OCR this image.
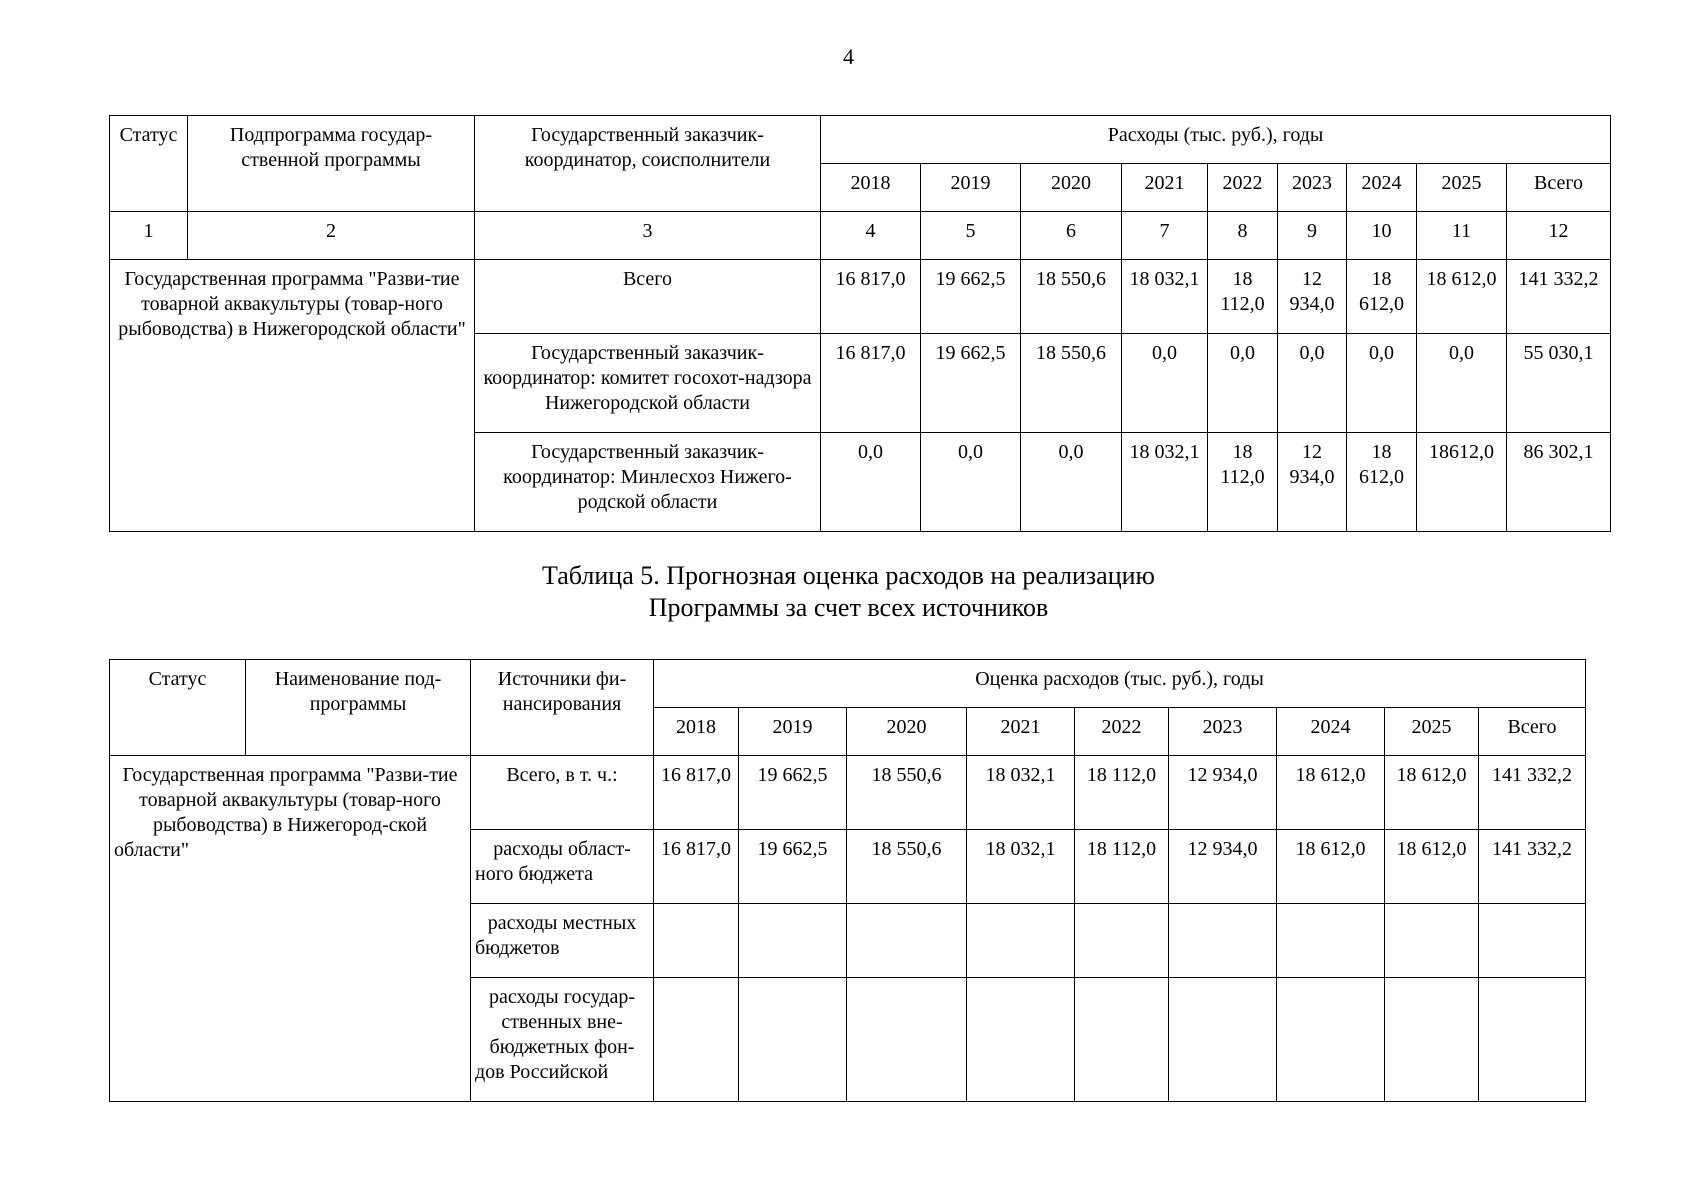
4
Статус	Подпрограмма государ-ственной программы	Государственный заказчик-координатор, соисполнители	Расходы (тыс. руб.), годы								
			2018	2019	2020	2021	2022	2023	2024	2025	Всего
1	2	3	4	5	6	7	8	9	10	11	12
Государственная программа "Разви-тие товарной аквакультуры (товар-ного рыбоводства) в Нижегородской области"		Всего	16 817,0	19 662,5	18 550,6	18 032,1	18 112,0	12 934,0	18 612,0	18 612,0	141 332,2
		Государственный заказчик-координатор: комитет госохот-надзора Нижегородской области	16 817,0	19 662,5	18 550,6	0,0	0,0	0,0	0,0	0,0	55 030,1
		Государственный заказчик-координатор: Минлесхоз Нижего-родской области	0,0	0,0	0,0	18 032,1	18 112,0	12 934,0	18 612,0	18612,0	86 302,1
Таблица 5. Прогнозная оценка расходов на реализацию
Программы за счет всех источников
Статус	Наименование под-программы	Источники фи-нансирования	Оценка расходов (тыс. руб.), годы								
			2018	2019	2020	2021	2022	2023	2024	2025	Всего
Государственная программа "Разви-тие товарной аквакультуры (товар-ного рыбоводства) в Нижегород-ской области"		Всего, в т. ч.:	16 817,0	19 662,5	18 550,6	18 032,1	18 112,0	12 934,0	18 612,0	18 612,0	141 332,2
		расходы област-ного бюджета	16 817,0	19 662,5	18 550,6	18 032,1	18 112,0	12 934,0	18 612,0	18 612,0	141 332,2
		расходы местных бюджетов									
		расходы государ-ственных вне-бюджетных фон-дов Российской									
